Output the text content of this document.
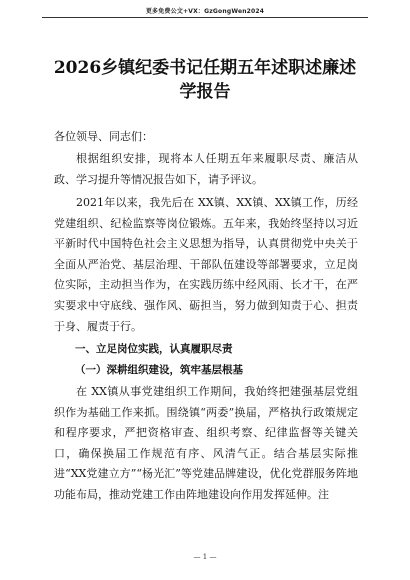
更多免费公文+VX：GzGongWen2024
2026乡镇纪委书记任期五年述职述廉述学报告
各位领导、同志们：
根据组织安排，现将本人任期五年来履职尽责、廉洁从政、学习提升等情况报告如下，请予评议。
2021年以来，我先后在 XX镇、XX镇、XX镇工作，历经党建组织、纪检监察等岗位锻炼。五年来，我始终坚持以习近平新时代中国特色社会主义思想为指导，认真贯彻党中央关于全面从严治党、基层治理、干部队伍建设等部署要求，立足岗位实际，主动担当作为，在实践历练中经风雨、长才干，在严实要求中守底线、强作风、砺担当，努力做到知责于心、担责于身、履责于行。
一、立足岗位实践，认真履职尽责
（一）深耕组织建设，筑牢基层根基
在 XX镇从事党建组织工作期间，我始终把建强基层党组织作为基础工作来抓。围绕镇“两委”换届，严格执行政策规定和程序要求，严把资格审查、组织考察、纪律监督等关键关口，确保换届工作规范有序、风清气正。结合基层实际推进“XX党建立方”“杨光汇”等党建品牌建设，优化党群服务阵地功能布局，推动党建工作由阵地建设向作用发挥延伸。注
— 1 —
